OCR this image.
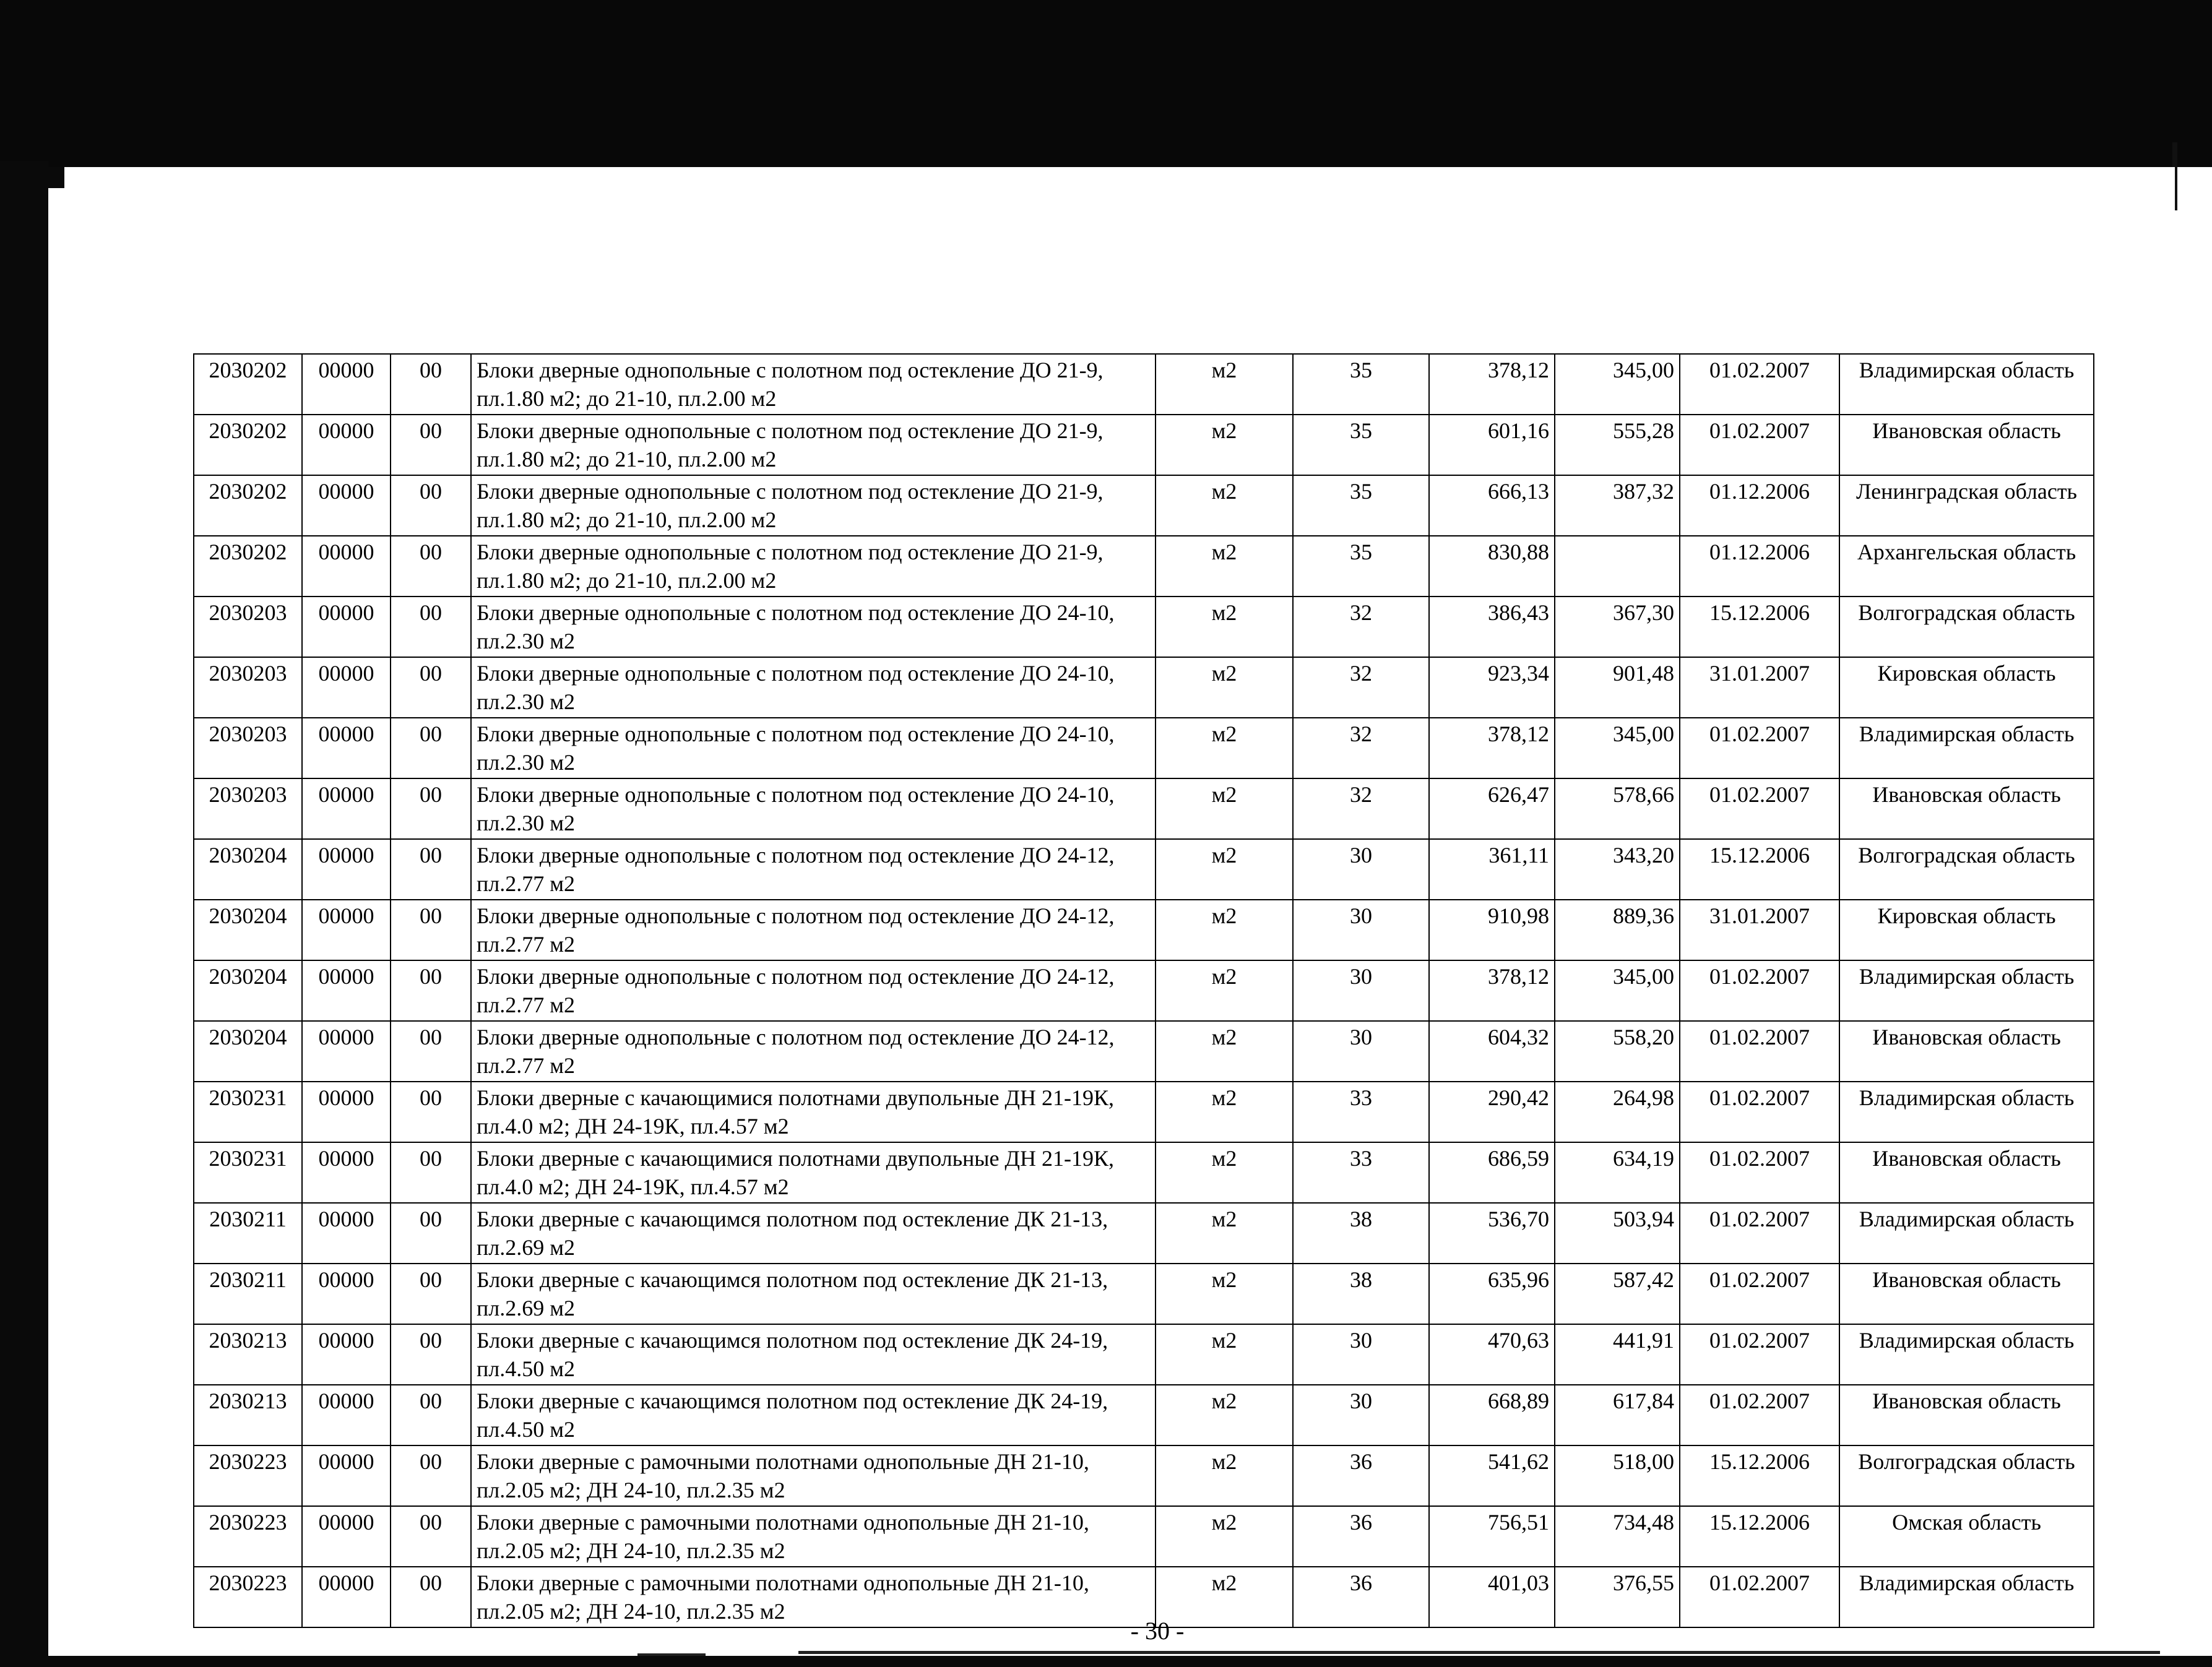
2030202	00000	00	Блоки дверные однопольные с полотном под остекление ДО 21-9, пл.1.80 м2; до 21-10, пл.2.00 м2	м2	35	378,12	345,00	01.02.2007	Владимирская область
2030202	00000	00	Блоки дверные однопольные с полотном под остекление ДО 21-9, пл.1.80 м2; до 21-10, пл.2.00 м2	м2	35	601,16	555,28	01.02.2007	Ивановская область
2030202	00000	00	Блоки дверные однопольные с полотном под остекление ДО 21-9, пл.1.80 м2; до 21-10, пл.2.00 м2	м2	35	666,13	387,32	01.12.2006	Ленинградская область
2030202	00000	00	Блоки дверные однопольные с полотном под остекление ДО 21-9, пл.1.80 м2; до 21-10, пл.2.00 м2	м2	35	830,88		01.12.2006	Архангельская область
2030203	00000	00	Блоки дверные однопольные с полотном под остекление ДО 24-10, пл.2.30 м2	м2	32	386,43	367,30	15.12.2006	Волгоградская область
2030203	00000	00	Блоки дверные однопольные с полотном под остекление ДО 24-10, пл.2.30 м2	м2	32	923,34	901,48	31.01.2007	Кировская область
2030203	00000	00	Блоки дверные однопольные с полотном под остекление ДО 24-10, пл.2.30 м2	м2	32	378,12	345,00	01.02.2007	Владимирская область
2030203	00000	00	Блоки дверные однопольные с полотном под остекление ДО 24-10, пл.2.30 м2	м2	32	626,47	578,66	01.02.2007	Ивановская область
2030204	00000	00	Блоки дверные однопольные с полотном под остекление ДО 24-12, пл.2.77 м2	м2	30	361,11	343,20	15.12.2006	Волгоградская область
2030204	00000	00	Блоки дверные однопольные с полотном под остекление ДО 24-12, пл.2.77 м2	м2	30	910,98	889,36	31.01.2007	Кировская область
2030204	00000	00	Блоки дверные однопольные с полотном под остекление ДО 24-12, пл.2.77 м2	м2	30	378,12	345,00	01.02.2007	Владимирская область
2030204	00000	00	Блоки дверные однопольные с полотном под остекление ДО 24-12, пл.2.77 м2	м2	30	604,32	558,20	01.02.2007	Ивановская область
2030231	00000	00	Блоки дверные с качающимися полотнами двупольные ДН 21-19К, пл.4.0 м2; ДН 24-19К, пл.4.57 м2	м2	33	290,42	264,98	01.02.2007	Владимирская область
2030231	00000	00	Блоки дверные с качающимися полотнами двупольные ДН 21-19К, пл.4.0 м2; ДН 24-19К, пл.4.57 м2	м2	33	686,59	634,19	01.02.2007	Ивановская область
2030211	00000	00	Блоки дверные с качающимся полотном под остекление ДК 21-13, пл.2.69 м2	м2	38	536,70	503,94	01.02.2007	Владимирская область
2030211	00000	00	Блоки дверные с качающимся полотном под остекление ДК 21-13, пл.2.69 м2	м2	38	635,96	587,42	01.02.2007	Ивановская область
2030213	00000	00	Блоки дверные с качающимся полотном под остекление ДК 24-19, пл.4.50 м2	м2	30	470,63	441,91	01.02.2007	Владимирская область
2030213	00000	00	Блоки дверные с качающимся полотном под остекление ДК 24-19, пл.4.50 м2	м2	30	668,89	617,84	01.02.2007	Ивановская область
2030223	00000	00	Блоки дверные с рамочными полотнами однопольные ДН 21-10, пл.2.05 м2; ДН 24-10, пл.2.35 м2	м2	36	541,62	518,00	15.12.2006	Волгоградская область
2030223	00000	00	Блоки дверные с рамочными полотнами однопольные ДН 21-10, пл.2.05 м2; ДН 24-10, пл.2.35 м2	м2	36	756,51	734,48	15.12.2006	Омская область
2030223	00000	00	Блоки дверные с рамочными полотнами однопольные ДН 21-10, пл.2.05 м2; ДН 24-10, пл.2.35 м2	м2	36	401,03	376,55	01.02.2007	Владимирская область
- 30 -
